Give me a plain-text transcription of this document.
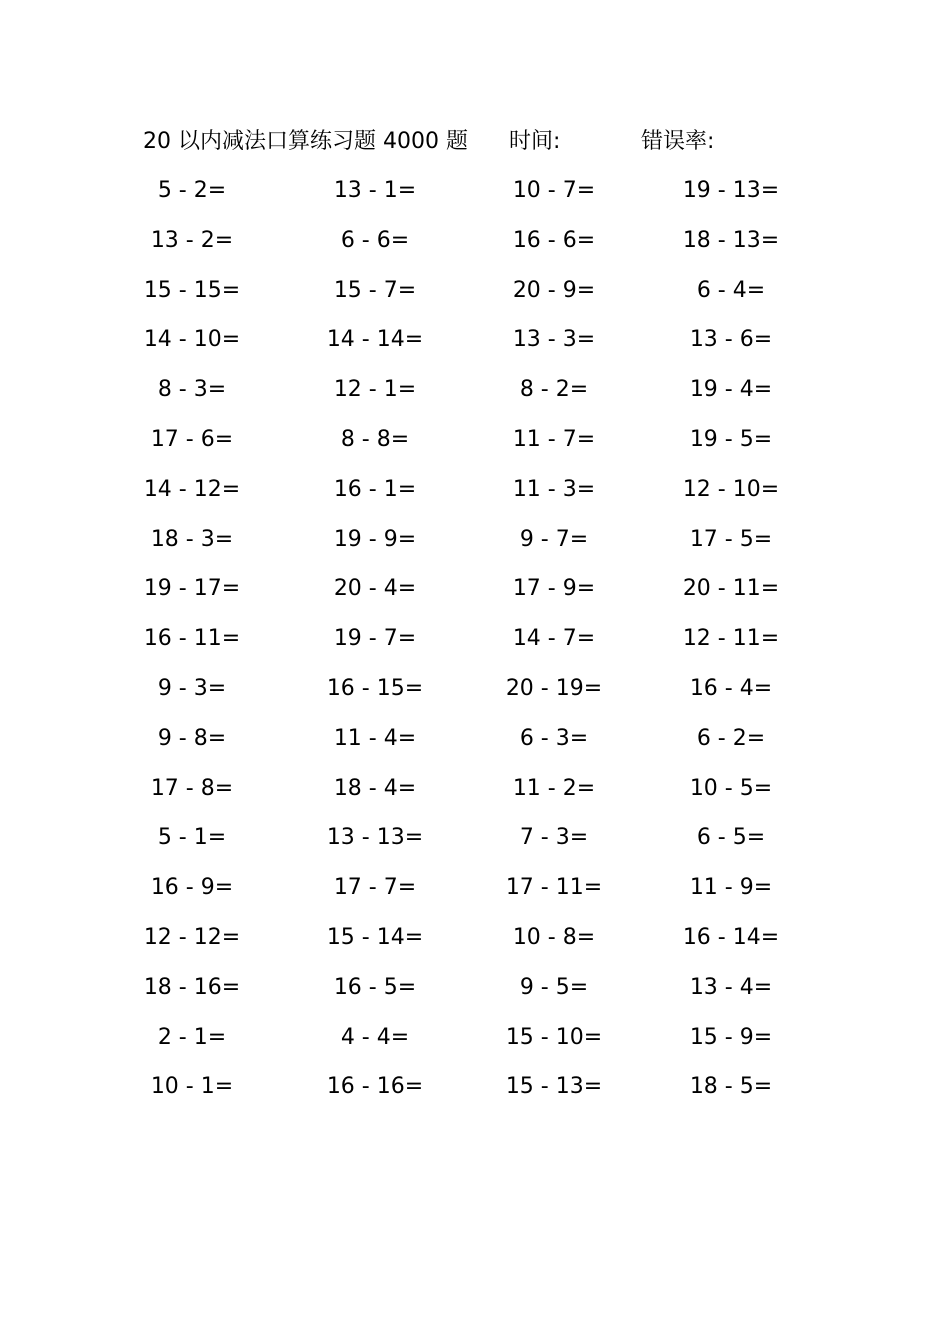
20 以内减法口算练习题 4000 题 时间:	错误率:
5 - 2=	13 - 1=	10 - 7=	19 - 13=
13 - 2=	6 - 6=	16 - 6=	18 - 13=
15 - 15=	15 - 7=	20 - 9=	6 - 4=
14 - 10=	14 - 14=	13 - 3=	13 - 6=
8 - 3=	12 - 1=	8 - 2=	19 - 4=
17 - 6=	8 - 8=	11 - 7=	19 - 5=
14 - 12=	16 - 1=	11 - 3=	12 - 10=
18 - 3=	19 - 9=	9 - 7=	17 - 5=
19 - 17=	20 - 4=	17 - 9=	20 - 11=
16 - 11=	19 - 7=	14 - 7=	12 - 11=
9 - 3=	16 - 15=	20 - 19=	16 - 4=
9 - 8=	11 - 4=	6 - 3=	6 - 2=
17 - 8=	18 - 4=	11 - 2=	10 - 5=
5 - 1=	13 - 13=	7 - 3=	6 - 5=
16 - 9=	17 - 7=	17 - 11=	11 - 9=
12 - 12=	15 - 14=	10 - 8=	16 - 14=
18 - 16=	16 - 5=	9 - 5=	13 - 4=
2 - 1=	4 - 4=	15 - 10=	15 - 9=
10 - 1=	16 - 16=	15 - 13=	18 - 5=
